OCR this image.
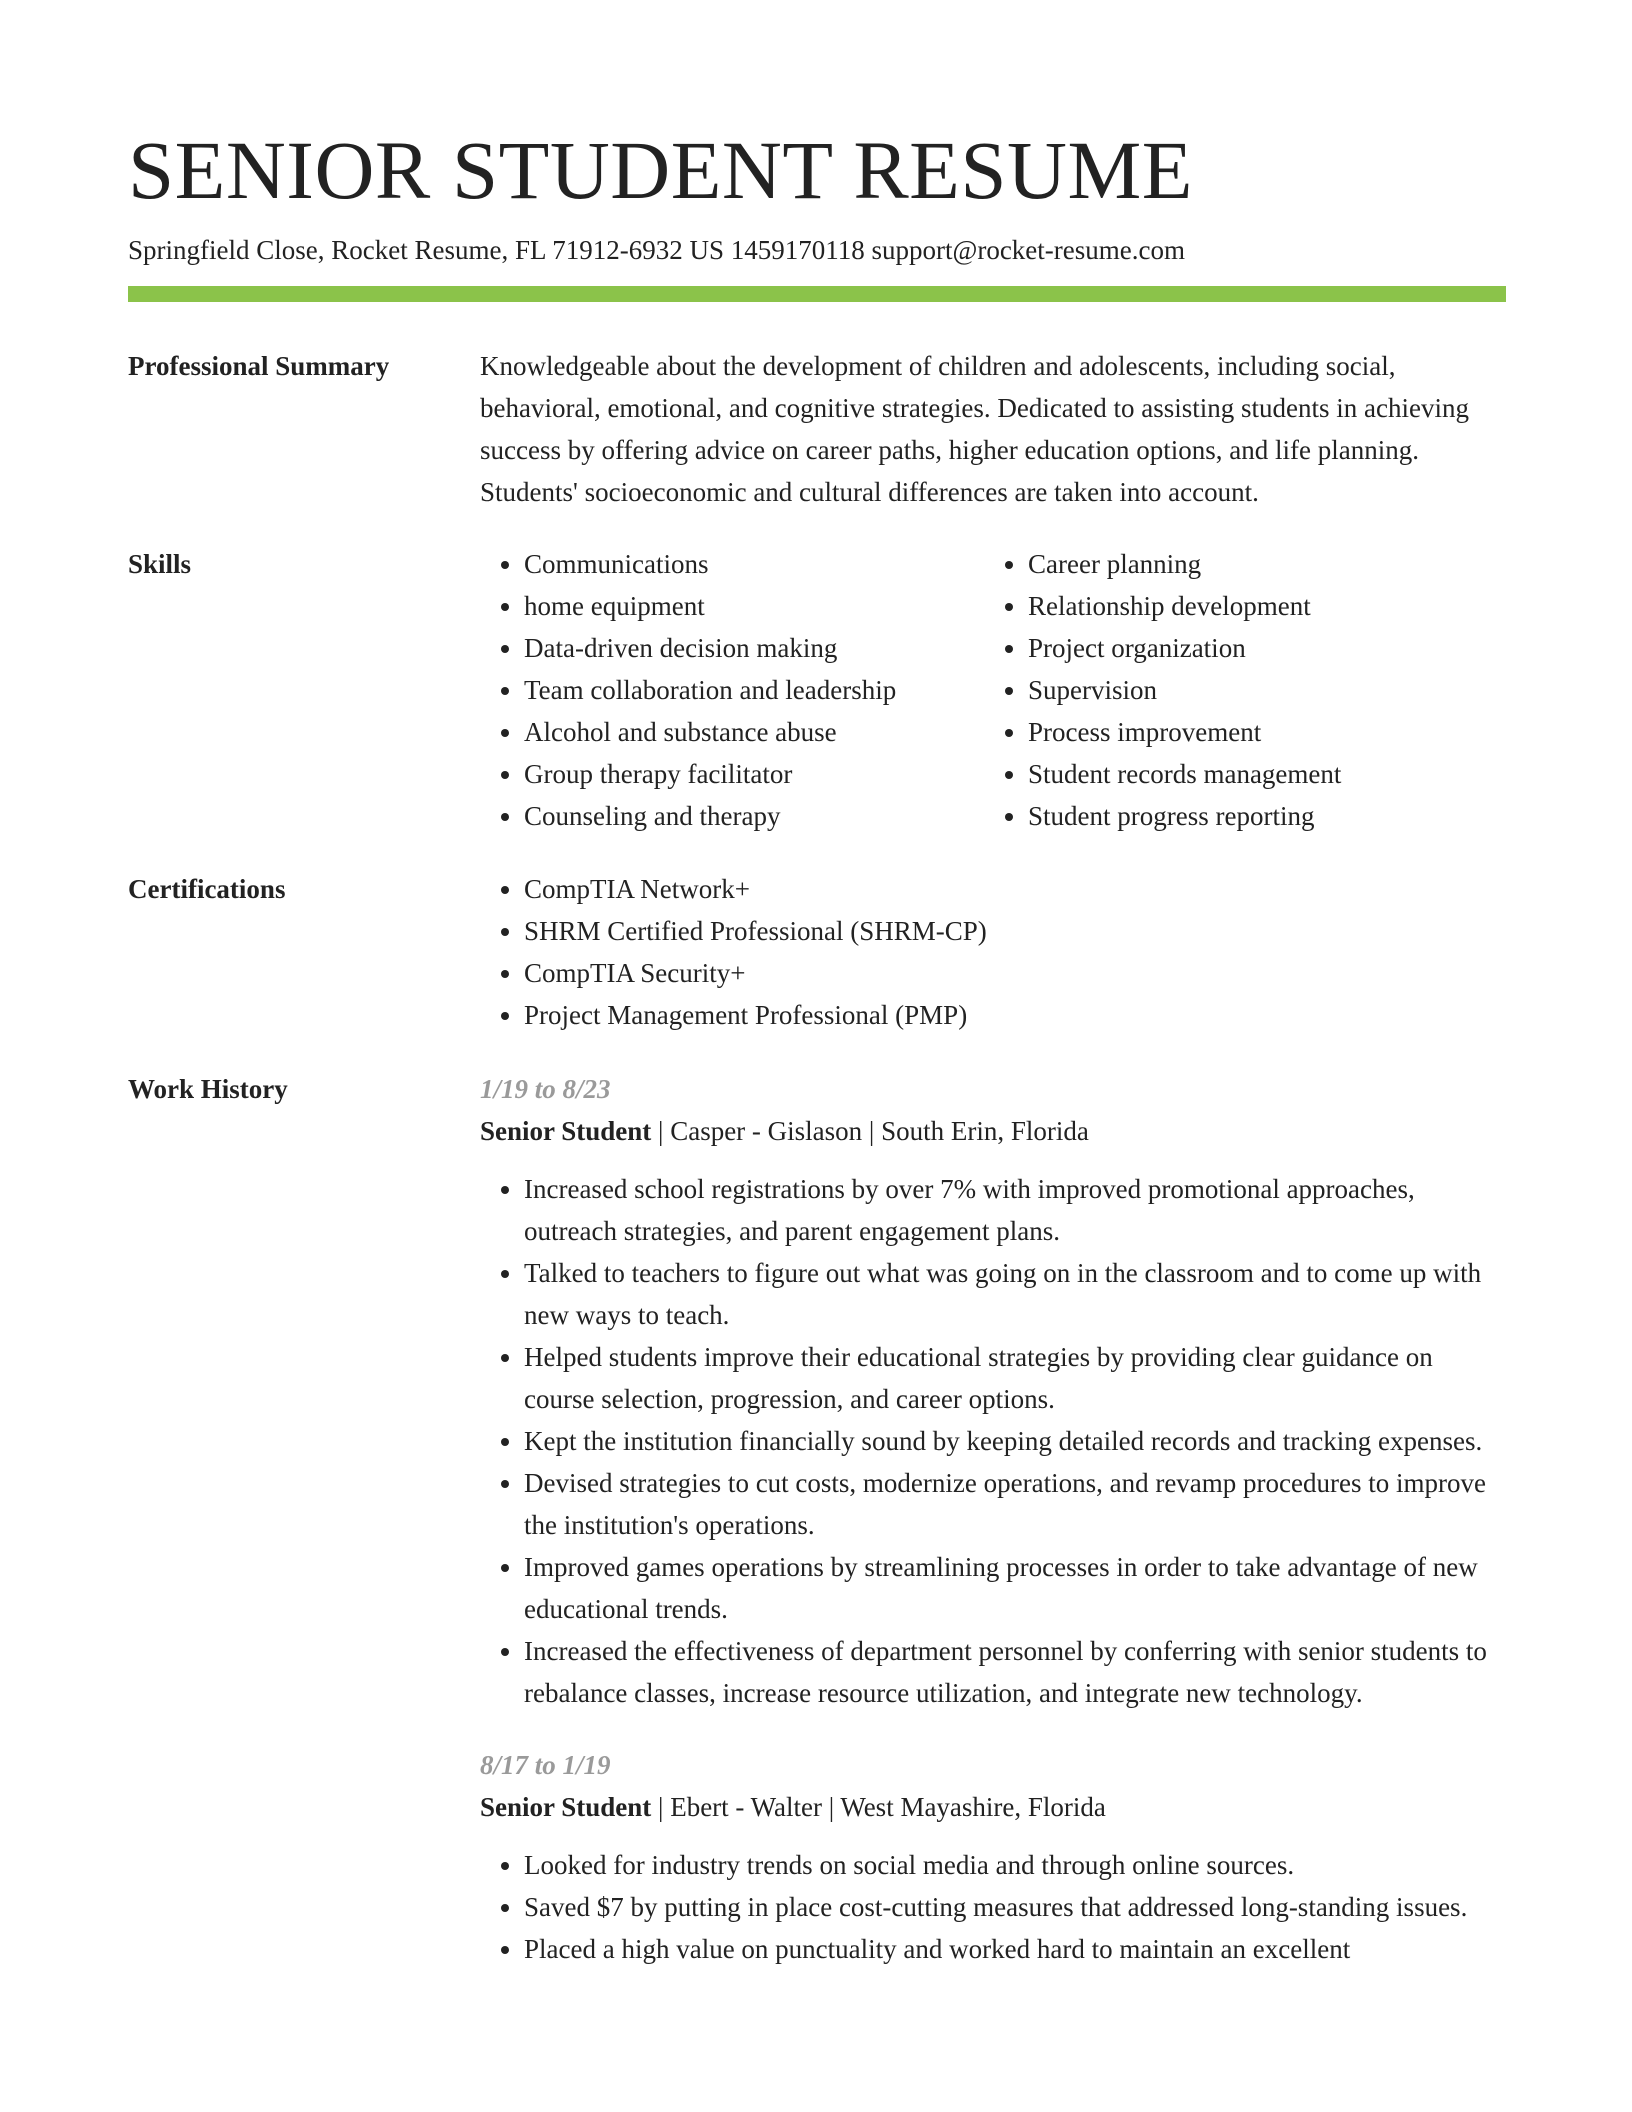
SENIOR STUDENT RESUME
Springfield Close, Rocket Resume, FL 71912-6932 US 1459170118 support@rocket-resume.com
Professional Summary	Knowledgeable about the development of children and adolescents, including social, behavioral, emotional, and cognitive strategies. Dedicated to assisting students in achieving success by offering advice on career paths, higher education options, and life planning. Students' socioeconomic and cultural differences are taken into account.

Skills	• Communications
• home equipment
• Data-driven decision making
• Team collaboration and leadership
• Alcohol and substance abuse
• Group therapy facilitator
• Counseling and therapy
• Career planning
• Relationship development
• Project organization
• Supervision
• Process improvement
• Student records management
• Student progress reporting
Certifications	• CompTIA Network+
• SHRM Certified Professional (SHRM-CP)
• CompTIA Security+
• Project Management Professional (PMP)
Work History	1/19 to 8/23
Senior Student | Casper - Gislason | South Erin, Florida
• Increased school registrations by over 7% with improved promotional approaches, outreach strategies, and parent engagement plans.
• Talked to teachers to figure out what was going on in the classroom and to come up with new ways to teach.
• Helped students improve their educational strategies by providing clear guidance on course selection, progression, and career options.
• Kept the institution financially sound by keeping detailed records and tracking expenses.
• Devised strategies to cut costs, modernize operations, and revamp procedures to improve the institution's operations.
• Improved games operations by streamlining processes in order to take advantage of new educational trends.
• Increased the effectiveness of department personnel by conferring with senior students to rebalance classes, increase resource utilization, and integrate new technology.
8/17 to 1/19
Senior Student | Ebert - Walter | West Mayashire, Florida
• Looked for industry trends on social media and through online sources.
• Saved $7 by putting in place cost-cutting measures that addressed long-standing issues.
• Placed a high value on punctuality and worked hard to maintain an excellent
